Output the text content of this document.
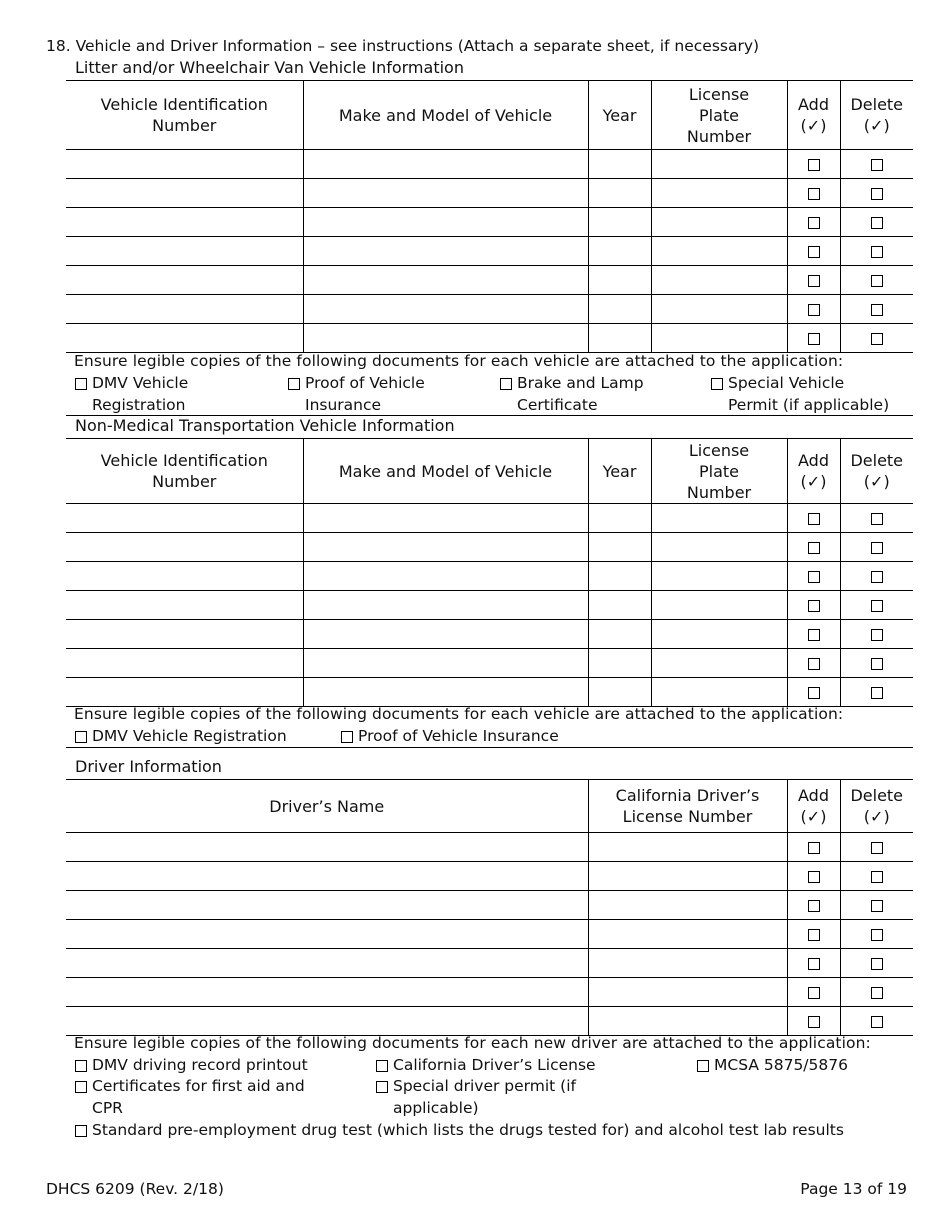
18. Vehicle and Driver Information – see instructions (Attach a separate sheet, if necessary)
Litter and/or Wheelchair Van Vehicle Information
Vehicle Identification Number	Make and Model of Vehicle	Year	License Plate Number	Add (✓)	Delete (✓)

Ensure legible copies of the following documents for each vehicle are attached to the application:
DMV Vehicle
Registration
Proof of Vehicle
Insurance
Brake and Lamp
Certificate
Special Vehicle
Permit (if applicable)
Non-Medical Transportation Vehicle Information
Vehicle Identification Number	Make and Model of Vehicle	Year	License Plate Number	Add (✓)	Delete (✓)

Ensure legible copies of the following documents for each vehicle are attached to the application:
DMV Vehicle Registration	Proof of Vehicle Insurance
Driver Information
Driver’s Name	California Driver’s License Number	Add (✓)	Delete (✓)

Ensure legible copies of the following documents for each new driver are attached to the application:
DMV driving record printout	California Driver’s License	MCSA 5875/5876
Certificates for first aid and
CPR
Special driver permit (if
applicable)
Standard pre-employment drug test (which lists the drugs tested for) and alcohol test lab results
DHCS 6209 (Rev. 2/18)	Page 13 of 19
